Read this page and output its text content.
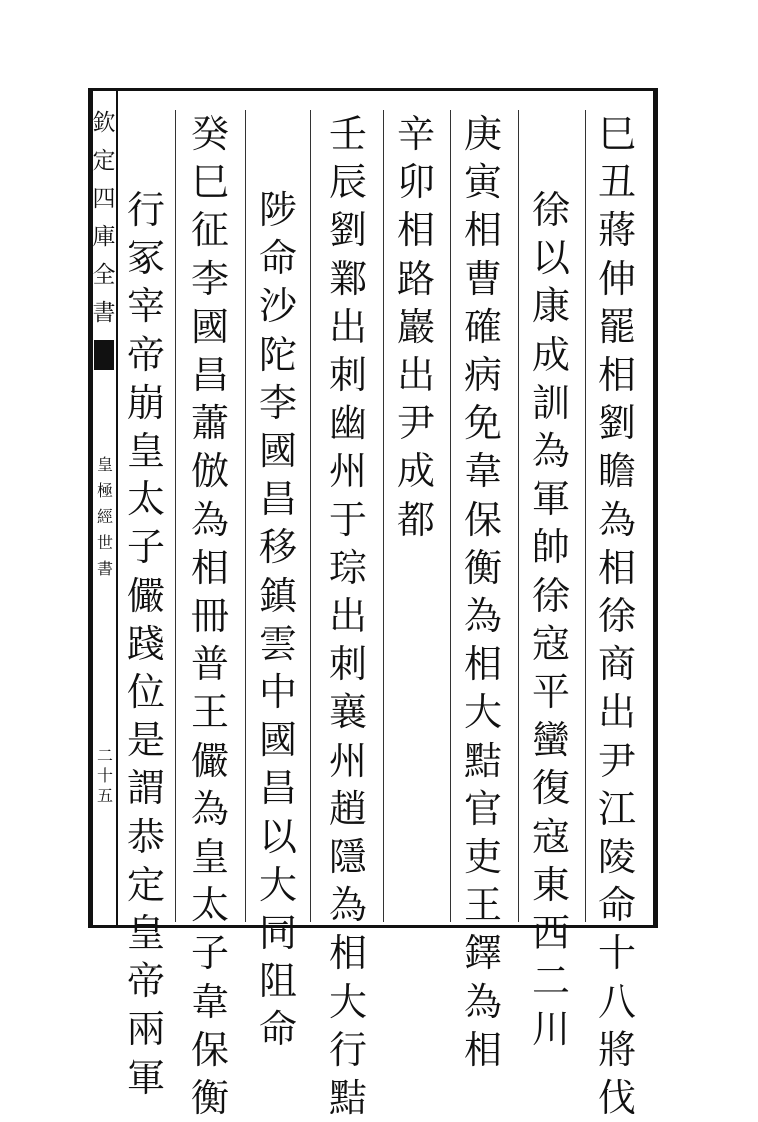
欽定四庫全書
皇極經世書
二十五
巳丑蔣伸罷相劉瞻為相徐商出尹江陵命十八將伐
徐以康成訓為軍帥徐寇平蠻復寇東西二川
庚寅相曹確病免韋保衡為相大黠官吏王鐸為相
辛卯相路巖出尹成都
壬辰劉鄴出刺幽州于琮出刺襄州趙隱為相大行黠
陟命沙陀李國昌移鎮雲中國昌以大同阻命
癸巳征李國昌蕭倣為相冊普王儼為皇太子韋保衡
行冢宰帝崩皇太子儼踐位是謂恭定皇帝兩軍
